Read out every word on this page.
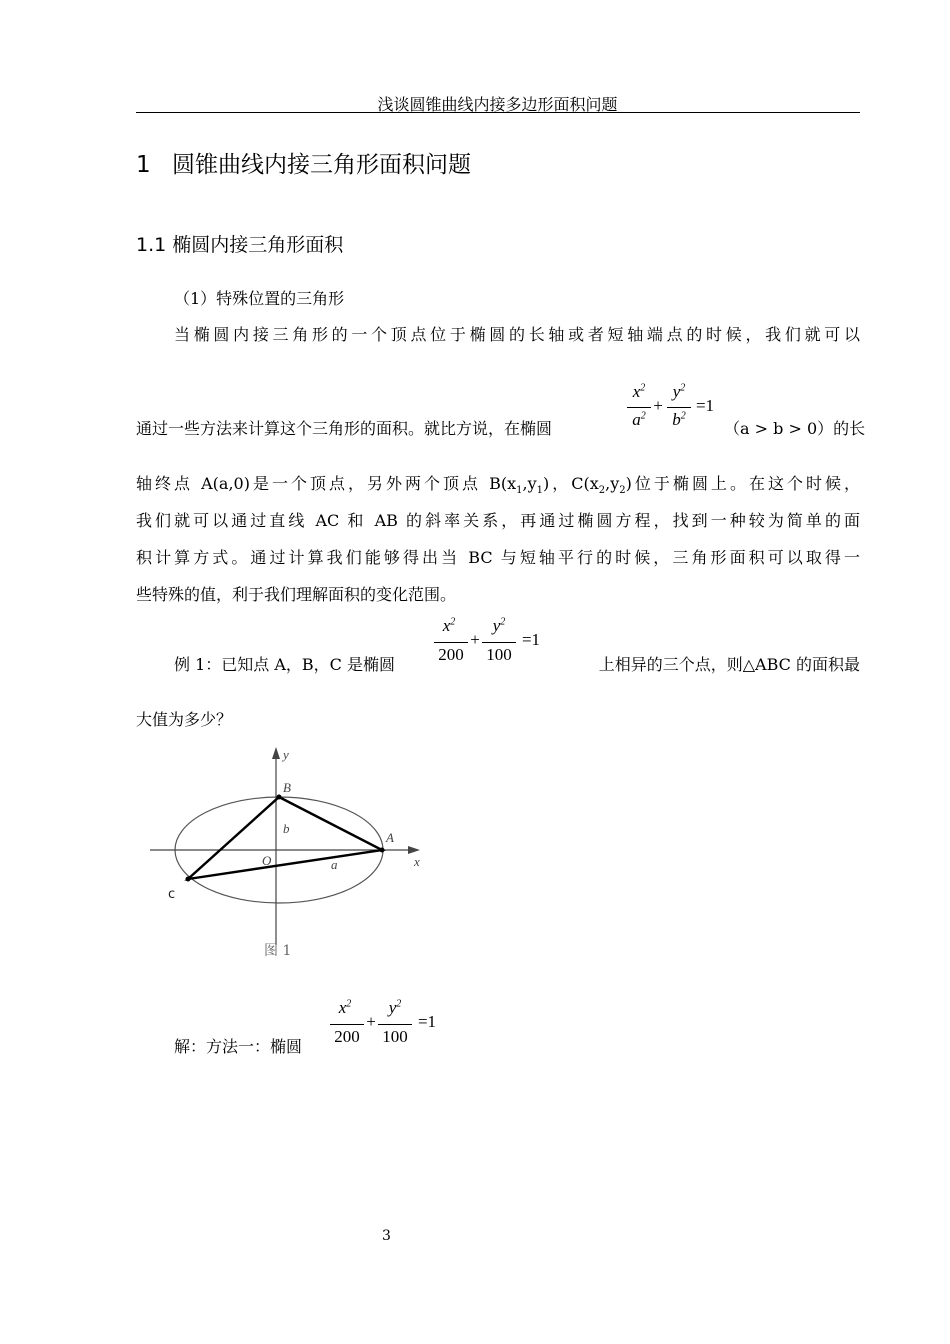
浅谈圆锥曲线内接多边形面积问题
1 圆锥曲线内接三角形面积问题
1.1 椭圆内接三角形面积
（1）特殊位置的三角形
当椭圆内接三角形的一个顶点位于椭圆的长轴或者短轴端点的时候，我们就可以
通过一些方法来计算这个三角形的面积。就比方说，在椭圆
$x^2$
$a^2$
+
$y^2$
$b^2$
=1
（a > b > 0）的长
轴终点 A(a,0)是一个顶点，另外两个顶点 $B(x_1,y_1)$，$C(x_2,y_2)$位于椭圆上。在这个时候，
我们就可以通过直线 AC 和 AB 的斜率关系，再通过椭圆方程，找到一种较为简单的面
积计算方式。通过计算我们能够得出当 BC 与短轴平行的时候，三角形面积可以取得一
些特殊的值，利于我们理解面积的变化范围。
例 1：已知点 A，B，C 是椭圆
$x^2$
200
+
$y^2$
100
=1
上相异的三个点，则△ABC 的面积最
大值为多少？
y
x
B
A
O
b
a
c
图 1
解：方法一：椭圆
$x^2$
200
+
$y^2$
100
=1
3
